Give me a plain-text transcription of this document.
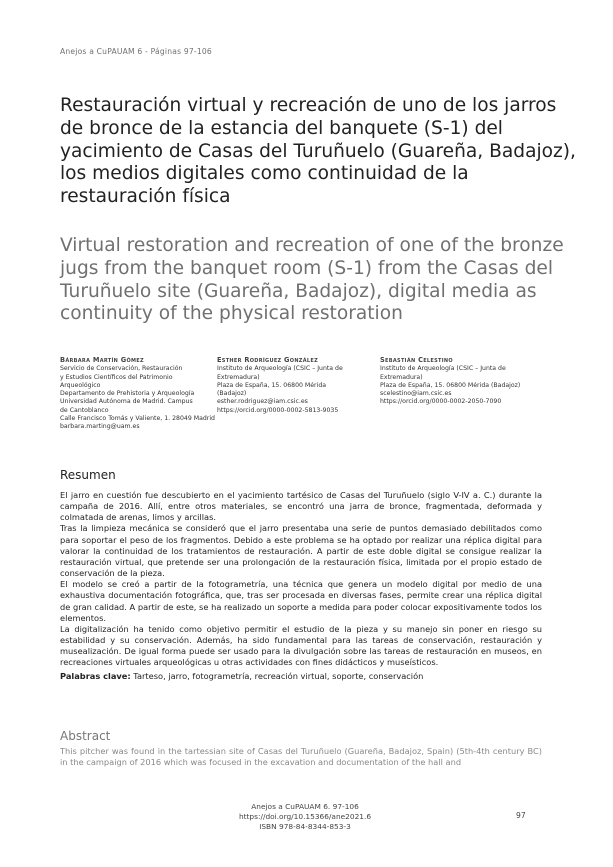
Anejos a CuPAUAM 6 - Páginas 97-106
Restauración virtual y recreación de uno de los jarros de bronce de la estancia del banquete (S-1) del yacimiento de Casas del Turuñuelo (Guareña, Badajoz), los medios digitales como continuidad de la restauración física
Virtual restoration and recreation of one of the bronze jugs from the banquet room (S-1) from the Casas del Turuñuelo site (Guareña, Badajoz), digital media as continuity of the physical restoration
Bárbara Martín Gómez
Servicio de Conservación, Restauración
y Estudios Científicos del Patrimonio
Arqueológico
Departamento de Prehistoria y Arqueología
Universidad Autónoma de Madrid. Campus
de Cantoblanco
Calle Francisco Tomás y Valiente, 1. 28049 Madrid
barbara.marting@uam.es
Esther Rodríguez González
Instituto de Arqueología (CSIC – Junta de
Extremadura)
Plaza de España, 15. 06800 Mérida (Badajoz)
esther.rodriguez@iam.csic.es
https://orcid.org/0000-0002-5813-9035
Sebastián Celestino
Instituto de Arqueología (CSIC – Junta de
Extremadura)
Plaza de España, 15. 06800 Mérida (Badajoz)
scelestino@iam.csic.es
https://orcid.org/0000-0002-2050-7090
Resumen

El jarro en cuestión fue descubierto en el yacimiento tartésico de Casas del Turuñuelo (siglo V-IV a. C.) durante la campaña de 2016. Allí, entre otros materiales, se encontró una jarra de bronce, fragmentada, deformada y colmatada de arenas, limos y arcillas.

Tras la limpieza mecánica se consideró que el jarro presentaba una serie de puntos demasiado debilitados como para soportar el peso de los fragmentos. Debido a este problema se ha optado por realizar una réplica digital para valorar la continuidad de los tratamientos de restauración. A partir de este doble digital se consigue realizar la restauración virtual, que pretende ser una prolongación de la restauración física, limitada por el propio estado de conservación de la pieza.

El modelo se creó a partir de la fotogrametría, una técnica que genera un modelo digital por medio de una exhaustiva documentación fotográfica, que, tras ser procesada en diversas fases, permite crear una réplica digital de gran calidad. A partir de este, se ha realizado un soporte a medida para poder colocar expositivamente todos los elementos.

La digitalización ha tenido como objetivo permitir el estudio de la pieza y su manejo sin poner en riesgo su estabilidad y su conservación. Además, ha sido fundamental para las tareas de conservación, restauración y musealización. De igual forma puede ser usado para la divulgación sobre las tareas de restauración en museos, en recreaciones virtuales arqueológicas u otras actividades con fines didácticos y museísticos.

Palabras clave: Tarteso, jarro, fotogrametría, recreación virtual, soporte, conservación

Abstract

This pitcher was found in the tartessian site of Casas del Turuñuelo (Guareña, Badajoz, Spain) (5th-4th century BC) in the campaign of 2016 which was focused in the excavation and documentation of the hall and

Anejos a CuPAUAM 6. 97-106
https://doi.org/10.15366/ane2021.6
ISBN 978-84-8344-853-3
97
